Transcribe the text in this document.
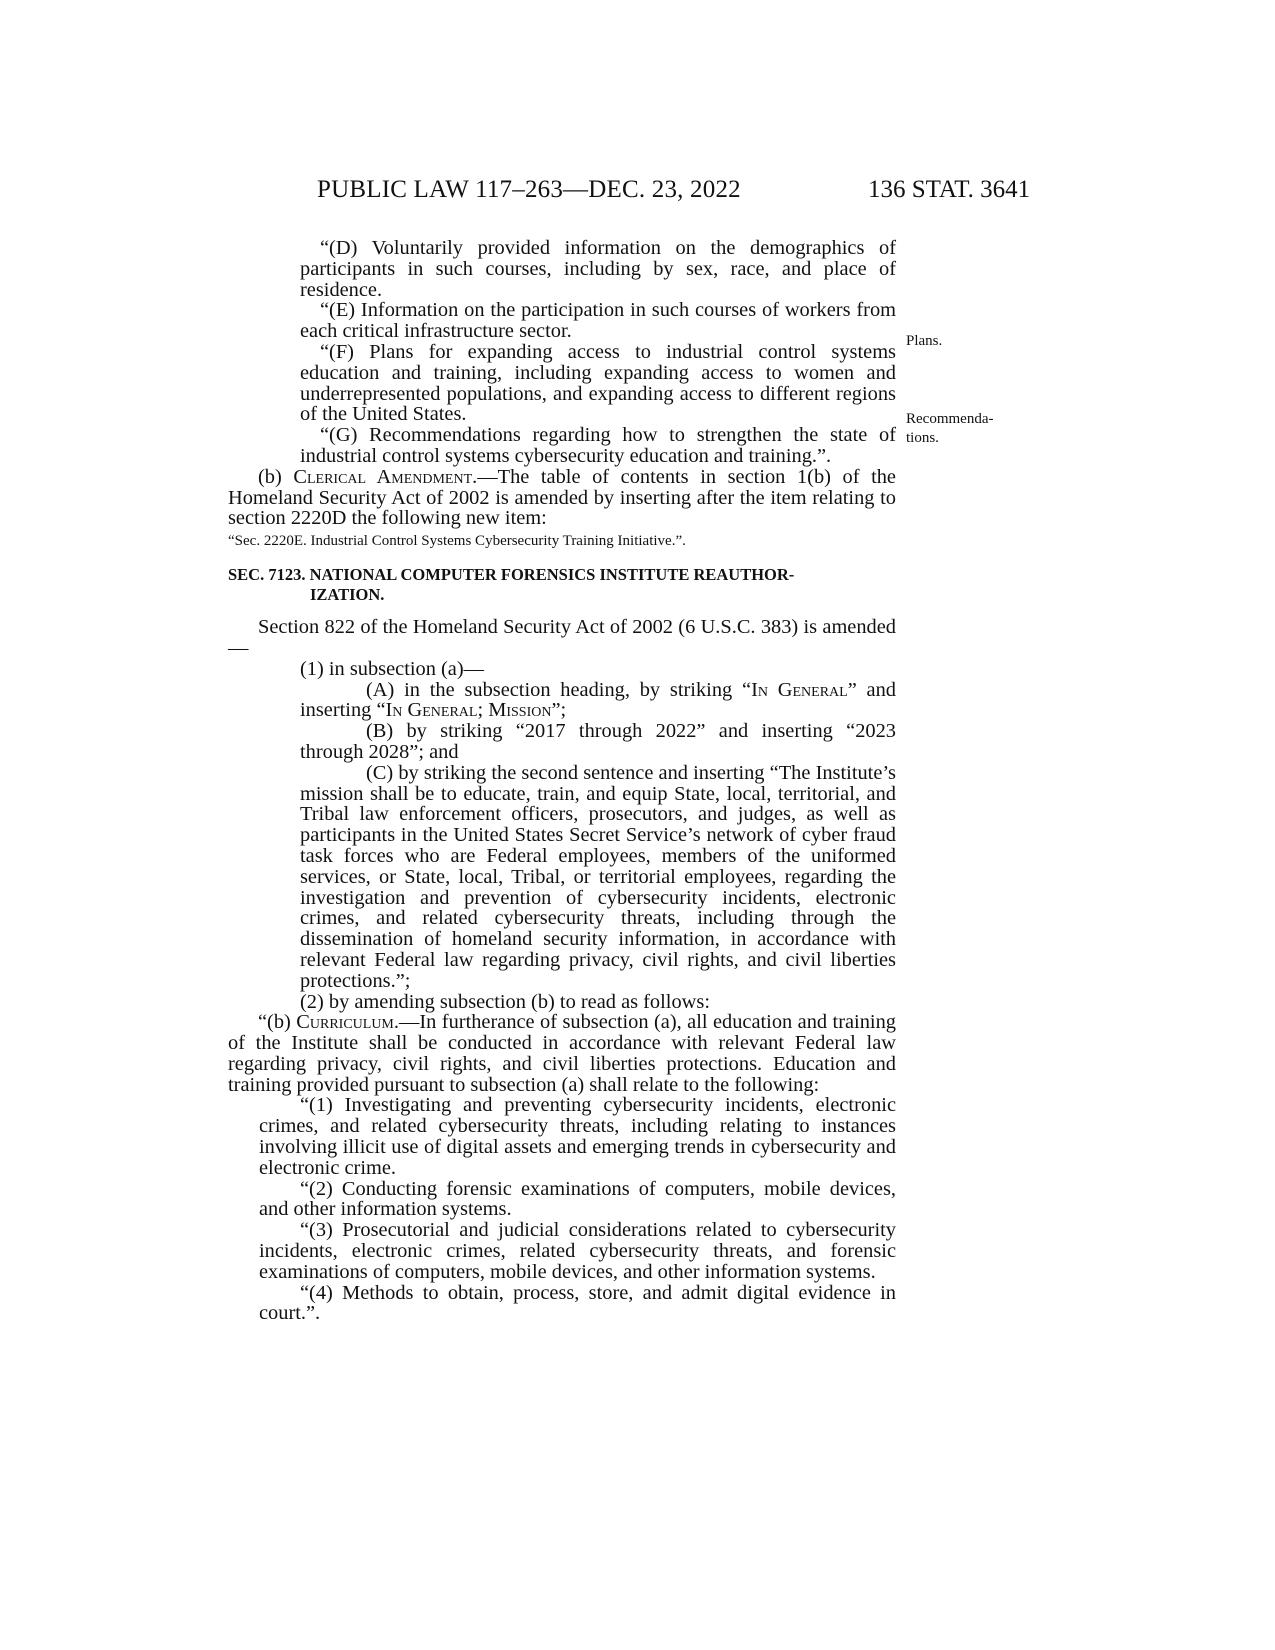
PUBLIC LAW 117–263—DEC. 23, 2022	136 STAT. 3641
Plans.
Recommenda-
tions.

“(D) Voluntarily provided information on the demographics of participants in such courses, including by sex, race, and place of residence.

“(E) Information on the participation in such courses of workers from each critical infrastructure sector.

“(F) Plans for expanding access to industrial control systems education and training, including expanding access to women and underrepresented populations, and expanding access to different regions of the United States.

“(G) Recommendations regarding how to strengthen the state of industrial control systems cybersecurity education and training.”.

(b) Clerical Amendment.—The table of contents in section 1(b) of the Homeland Security Act of 2002 is amended by inserting after the item relating to section 2220D the following new item:

“Sec. 2220E. Industrial Control Systems Cybersecurity Training Initiative.”.

SEC. 7123. NATIONAL COMPUTER FORENSICS INSTITUTE REAUTHOR-
IZATION.

Section 822 of the Homeland Security Act of 2002 (6 U.S.C. 383) is amended—

(1) in subsection (a)—

(A) in the subsection heading, by striking “In General” and inserting “In General; Mission”;

(B) by striking “2017 through 2022” and inserting “2023 through 2028”; and

(C) by striking the second sentence and inserting “The Institute’s mission shall be to educate, train, and equip State, local, territorial, and Tribal law enforcement officers, prosecutors, and judges, as well as participants in the United States Secret Service’s network of cyber fraud task forces who are Federal employees, members of the uniformed services, or State, local, Tribal, or territorial employees, regarding the investigation and prevention of cybersecurity incidents, electronic crimes, and related cybersecurity threats, including through the dissemination of homeland security information, in accordance with relevant Federal law regarding privacy, civil rights, and civil liberties protections.”;

(2) by amending subsection (b) to read as follows:

“(b) Curriculum.—In furtherance of subsection (a), all education and training of the Institute shall be conducted in accordance with relevant Federal law regarding privacy, civil rights, and civil liberties protections. Education and training provided pursuant to subsection (a) shall relate to the following:

“(1) Investigating and preventing cybersecurity incidents, electronic crimes, and related cybersecurity threats, including relating to instances involving illicit use of digital assets and emerging trends in cybersecurity and electronic crime.

“(2) Conducting forensic examinations of computers, mobile devices, and other information systems.

“(3) Prosecutorial and judicial considerations related to cybersecurity incidents, electronic crimes, related cybersecurity threats, and forensic examinations of computers, mobile devices, and other information systems.

“(4) Methods to obtain, process, store, and admit digital evidence in court.”.
